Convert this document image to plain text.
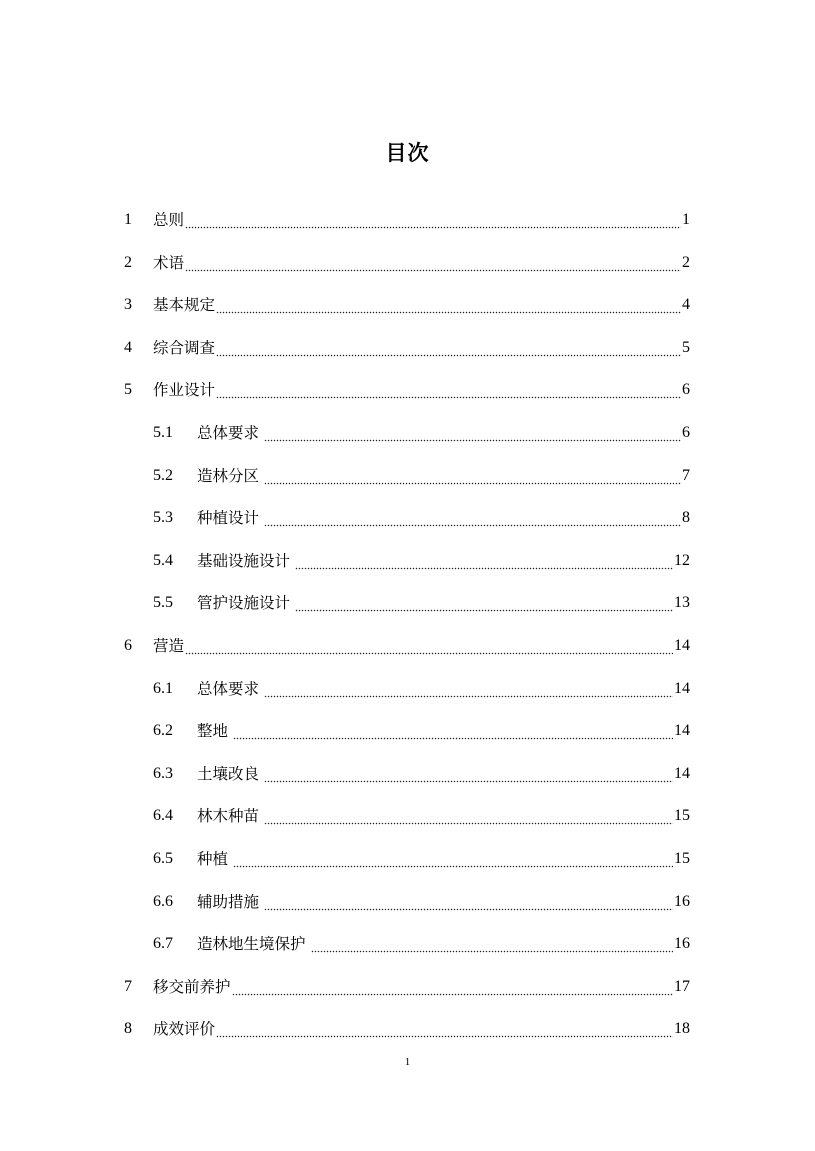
目次
1	总则	1
2	术语	2
3	基本规定	4
4	综合调查	5
5	作业设计	6
5.1	总体要求	6
5.2	造林分区	7
5.3	种植设计	8
5.4	基础设施设计	12
5.5	管护设施设计	13
6	营造	14
6.1	总体要求	14
6.2	整地	14
6.3	土壤改良	14
6.4	林木种苗	15
6.5	种植	15
6.6	辅助措施	16
6.7	造林地生境保护	16
7	移交前养护	17
8	成效评价	18
1
